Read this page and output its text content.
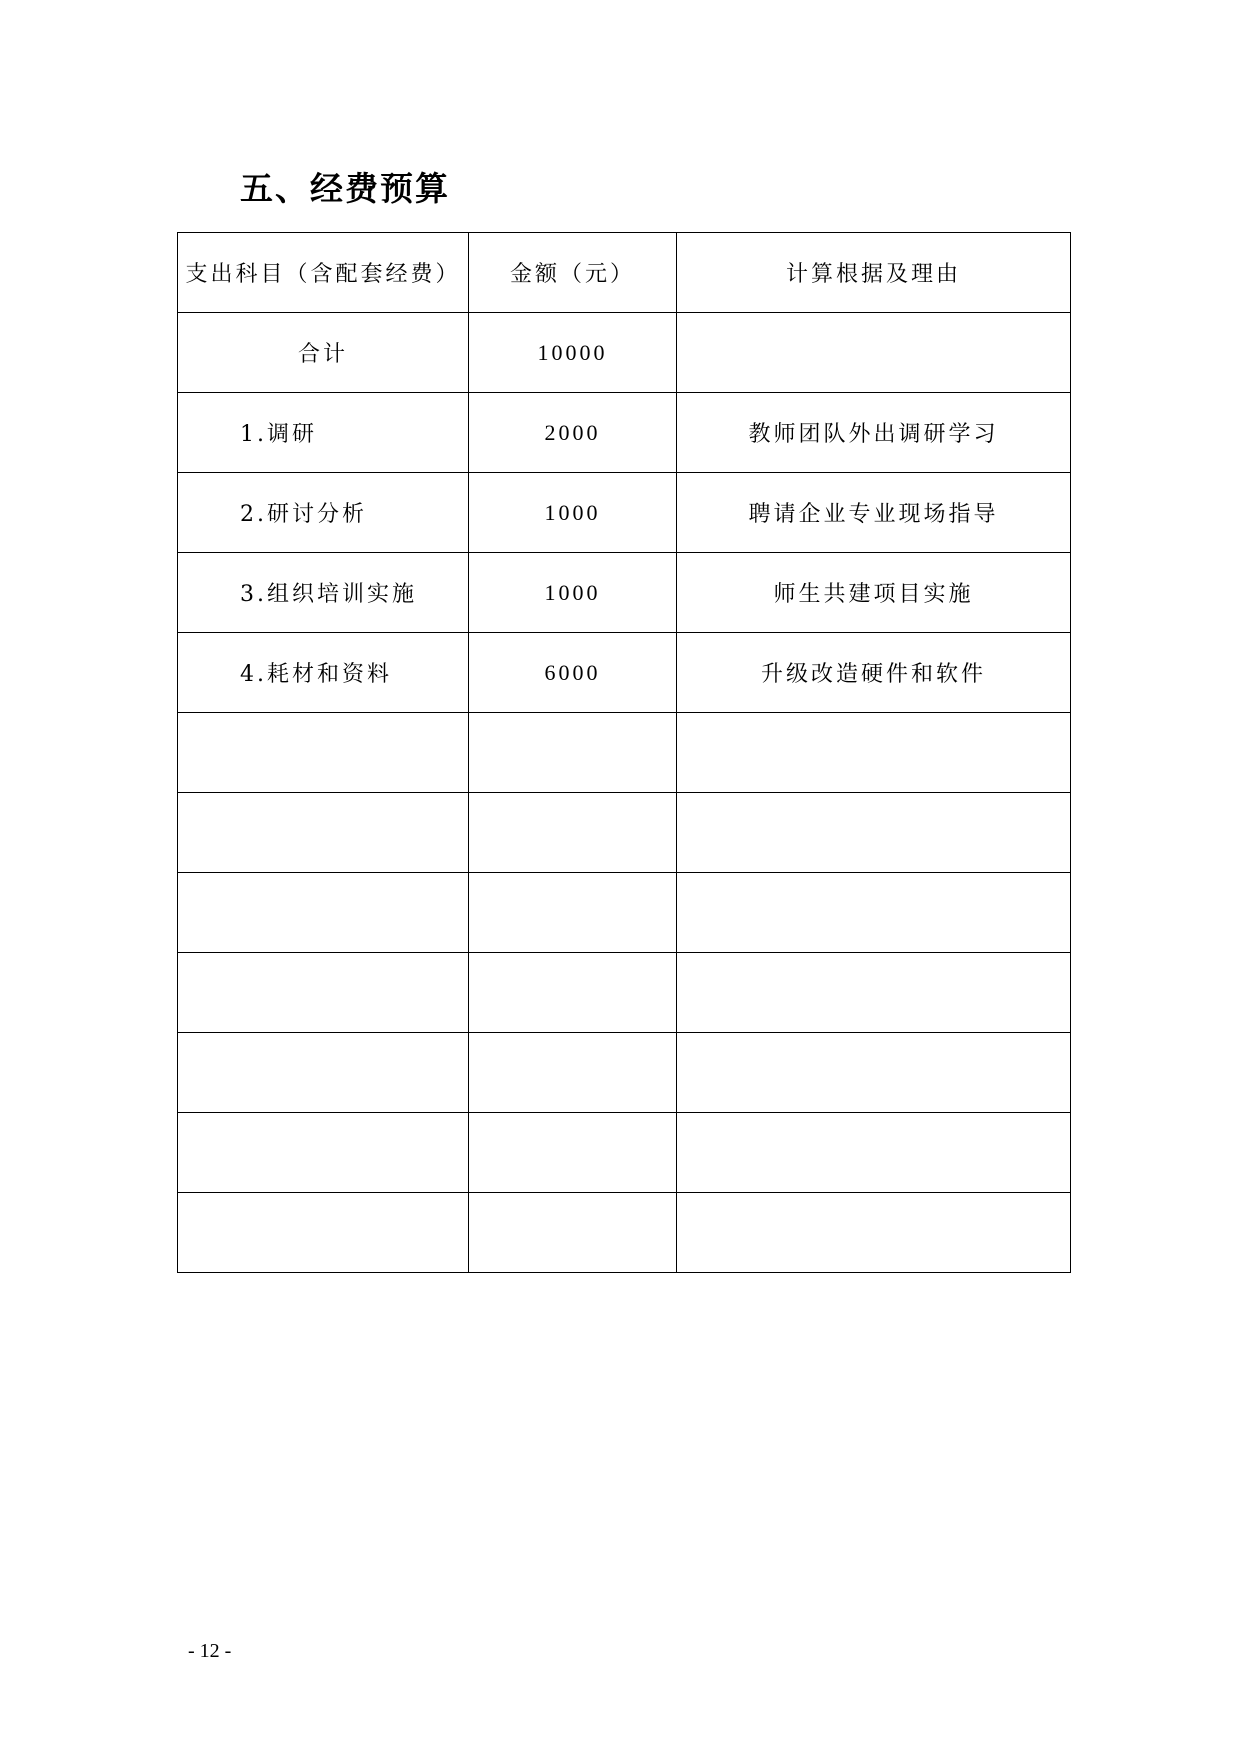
五、经费预算
支出科目（含配套经费）	金额（元）	计算根据及理由
合计	10000	
1.调研	2000	教师团队外出调研学习
2.研讨分析	1000	聘请企业专业现场指导
3.组织培训实施	1000	师生共建项目实施
4.耗材和资料	6000	升级改造硬件和软件

- 12 -
